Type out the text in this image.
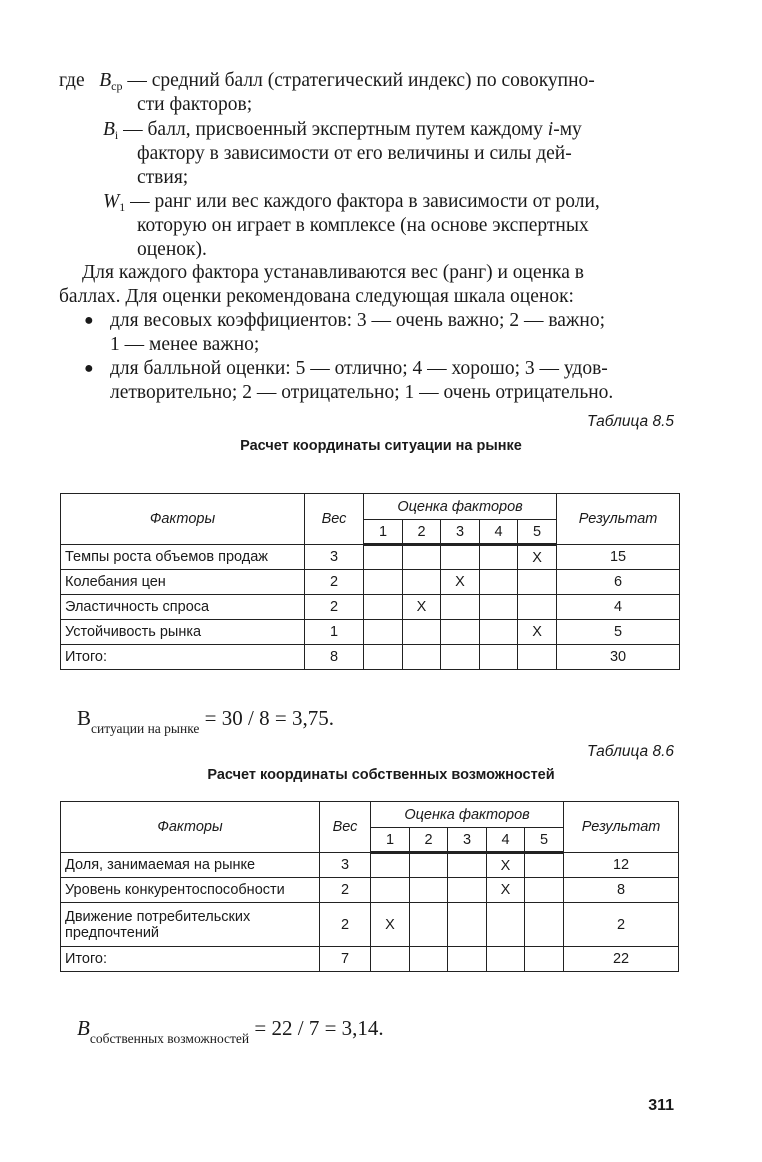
где $B_{ср}$ — средний балл (стратегический индекс) по совокупно-
сти факторов;
$B_i$ — балл, присвоенный экспертным путем каждому i-му
фактору в зависимости от его величины и силы дей-
ствия;
$W_1$ — ранг или вес каждого фактора в зависимости от роли,
которую он играет в комплексе (на основе экспертных
оценок).
Для каждого фактора устанавливаются вес (ранг) и оценка в
баллах. Для оценки рекомендована следующая шкала оценок:
● для весовых коэффициентов: 3 — очень важно; 2 — важно;
1 — менее важно;
● для балльной оценки: 5 — отлично; 4 — хорошо; 3 — удов-
летворительно; 2 — отрицательно; 1 — очень отрицательно.
Таблица 8.5
Расчет координаты ситуации на рынке
Факторы	Вес	Оценка факторов					Результат
		1	2	3	4	5	
Темпы роста объемов продаж	3					X	15
Колебания цен	2			X			6
Эластичность спроса	2		X				4
Устойчивость рынка	1					X	5
Итого:	8						30
$В_{ситуации на рынке} = 30 / 8 = 3,75$.
Таблица 8.6
Расчет координаты собственных возможностей
Факторы	Вес	Оценка факторов					Результат
		1	2	3	4	5	
Доля, занимаемая на рынке	3				X		12
Уровень конкурентоспособности	2				X		8
Движение потребительских предпочтений	2	X					2
Итого:	7						22
$B_{собственных возможностей} = 22 / 7 = 3,14$.
311
